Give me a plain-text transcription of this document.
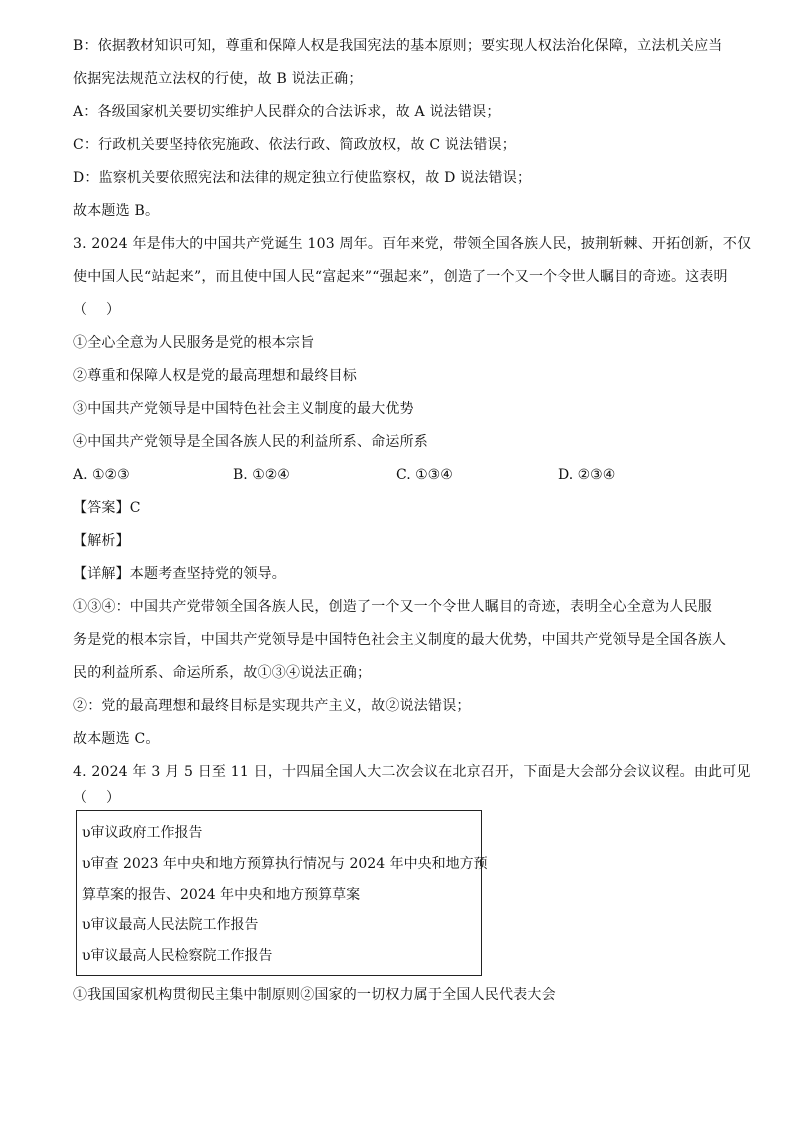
B：依据教材知识可知，尊重和保障人权是我国宪法的基本原则；要实现人权法治化保障，立法机关应当
依据宪法规范立法权的行使，故 B 说法正确；
A：各级国家机关要切实维护人民群众的合法诉求，故 A 说法错误；
C：行政机关要坚持依宪施政、依法行政、简政放权，故 C 说法错误；
D：监察机关要依照宪法和法律的规定独立行使监察权，故 D 说法错误；
故本题选 B。
3. 2024 年是伟大的中国共产党诞生 103 周年。百年来党，带领全国各族人民，披荆斩棘、开拓创新，不仅
使中国人民“站起来”，而且使中国人民“富起来”“强起来”，创造了一个又一个令世人瞩目的奇迹。这表明
（　 ）
①全心全意为人民服务是党的根本宗旨
②尊重和保障人权是党的最高理想和最终目标
③中国共产党领导是中国特色社会主义制度的最大优势
④中国共产党领导是全国各族人民的利益所系、命运所系
A. ①②③	B. ①②④	C. ①③④	D. ②③④
【答案】C
【解析】
【详解】本题考查坚持党的领导。
①③④：中国共产党带领全国各族人民，创造了一个又一个令世人瞩目的奇迹，表明全心全意为人民服
务是党的根本宗旨，中国共产党领导是中国特色社会主义制度的最大优势，中国共产党领导是全国各族人
民的利益所系、命运所系，故①③④说法正确；
②：党的最高理想和最终目标是实现共产主义，故②说法错误；
故本题选 C。
4. 2024 年 3 月 5 日至 11 日，十四届全国人大二次会议在北京召开，下面是大会部分会议议程。由此可见
（　 ）
υ审议政府工作报告
υ审查 2023 年中央和地方预算执行情况与 2024 年中央和地方预
算草案的报告、2024 年中央和地方预算草案
υ审议最高人民法院工作报告
υ审议最高人民检察院工作报告
①我国国家机构贯彻民主集中制原则②国家的一切权力属于全国人民代表大会
